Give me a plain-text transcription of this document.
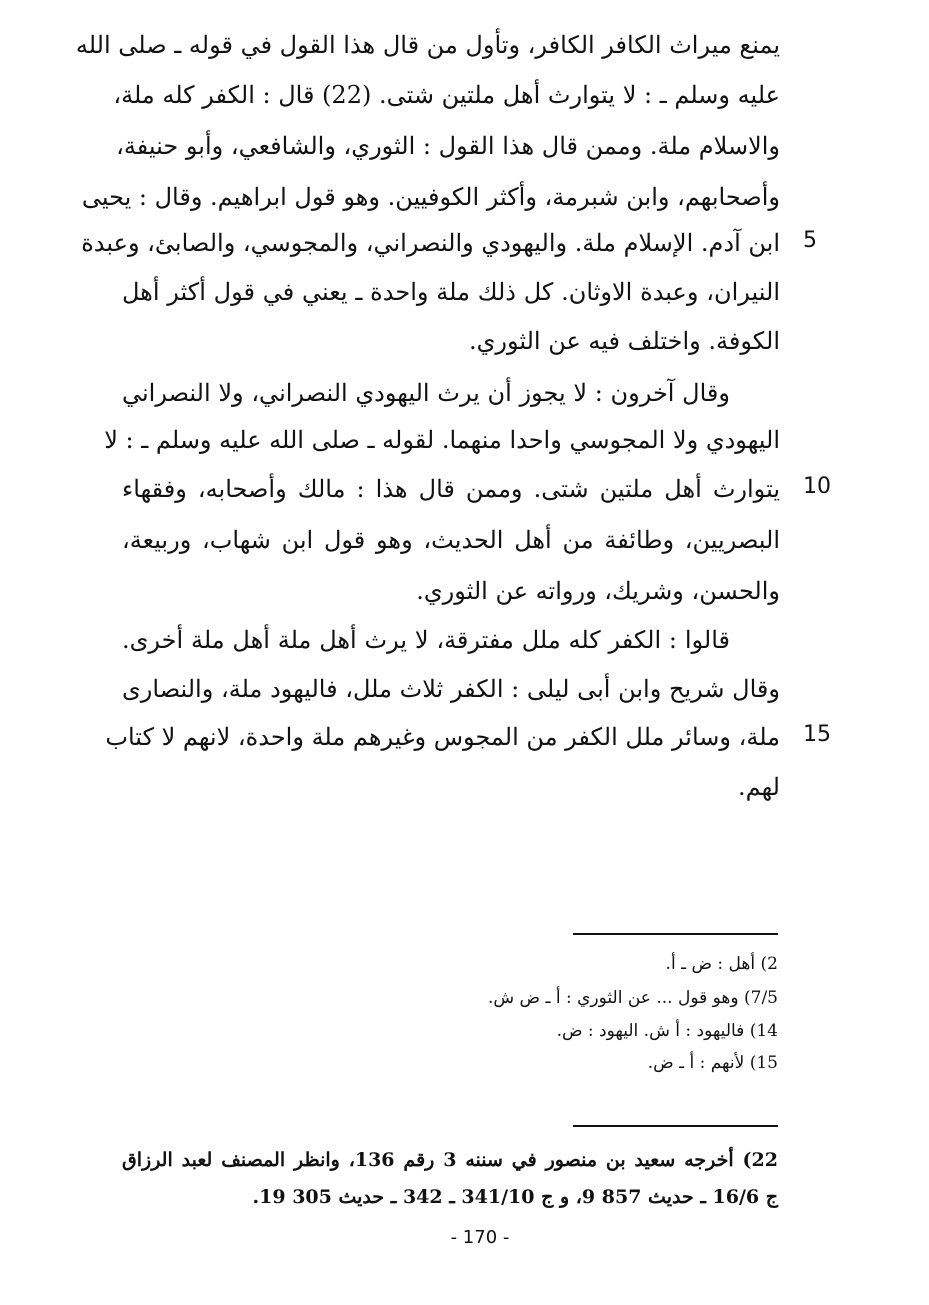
يمنع ميراث الكافر الكافر، وتأول من قال هذا القول في قوله ـ صلى الله
عليه وسلم ـ : لا يتوارث أهل ملتين شتى. (22) قال : الكفر كله ملة،
والاسلام ملة. وممن قال هذا القول : الثوري، والشافعي، وأبو حنيفة،
وأصحابهم، وابن شبرمة، وأكثر الكوفيين. وهو قول ابراهيم. وقال : يحيى
ابن آدم. الإسلام ملة. واليهودي والنصراني، والمجوسي، والصابئ، وعبدة
النيران، وعبدة الاوثان. كل ذلك ملة واحدة ـ يعني في قول أكثر أهل
الكوفة. واختلف فيه عن الثوري.
وقال آخرون : لا يجوز أن يرث اليهودي النصراني، ولا النصراني
اليهودي ولا المجوسي واحدا منهما. لقوله ـ صلى الله عليه وسلم ـ : لا
يتوارث أهل ملتين شتى. وممن قال هذا : مالك وأصحابه، وفقهاء
البصريين، وطائفة من أهل الحديث، وهو قول ابن شهاب، وربيعة،
والحسن، وشريك، ورواته عن الثوري.
قالوا : الكفر كله ملل مفترقة، لا يرث أهل ملة أهل ملة أخرى.
وقال شريح وابن أبى ليلى : الكفر ثلاث ملل، فاليهود ملة، والنصارى
ملة، وسائر ملل الكفر من المجوس وغيرهم ملة واحدة، لانهم لا كتاب
لهم.
5
10
15
2) أهل : ض ـ أ.
7/5) وهو قول ... عن الثوري : أ ـ ض ش.
14) فاليهود : أ ش. اليهود : ض.
15) لأنهم : أ ـ ض.
22) أخرجه سعيد بن منصور في سننه 3 رقم 136، وانظر المصنف لعبد الرزاق
ج 16/6 ـ حديث 857 9، و ج 341/10 ـ 342 ـ حديث 305 19.
- 170 -
